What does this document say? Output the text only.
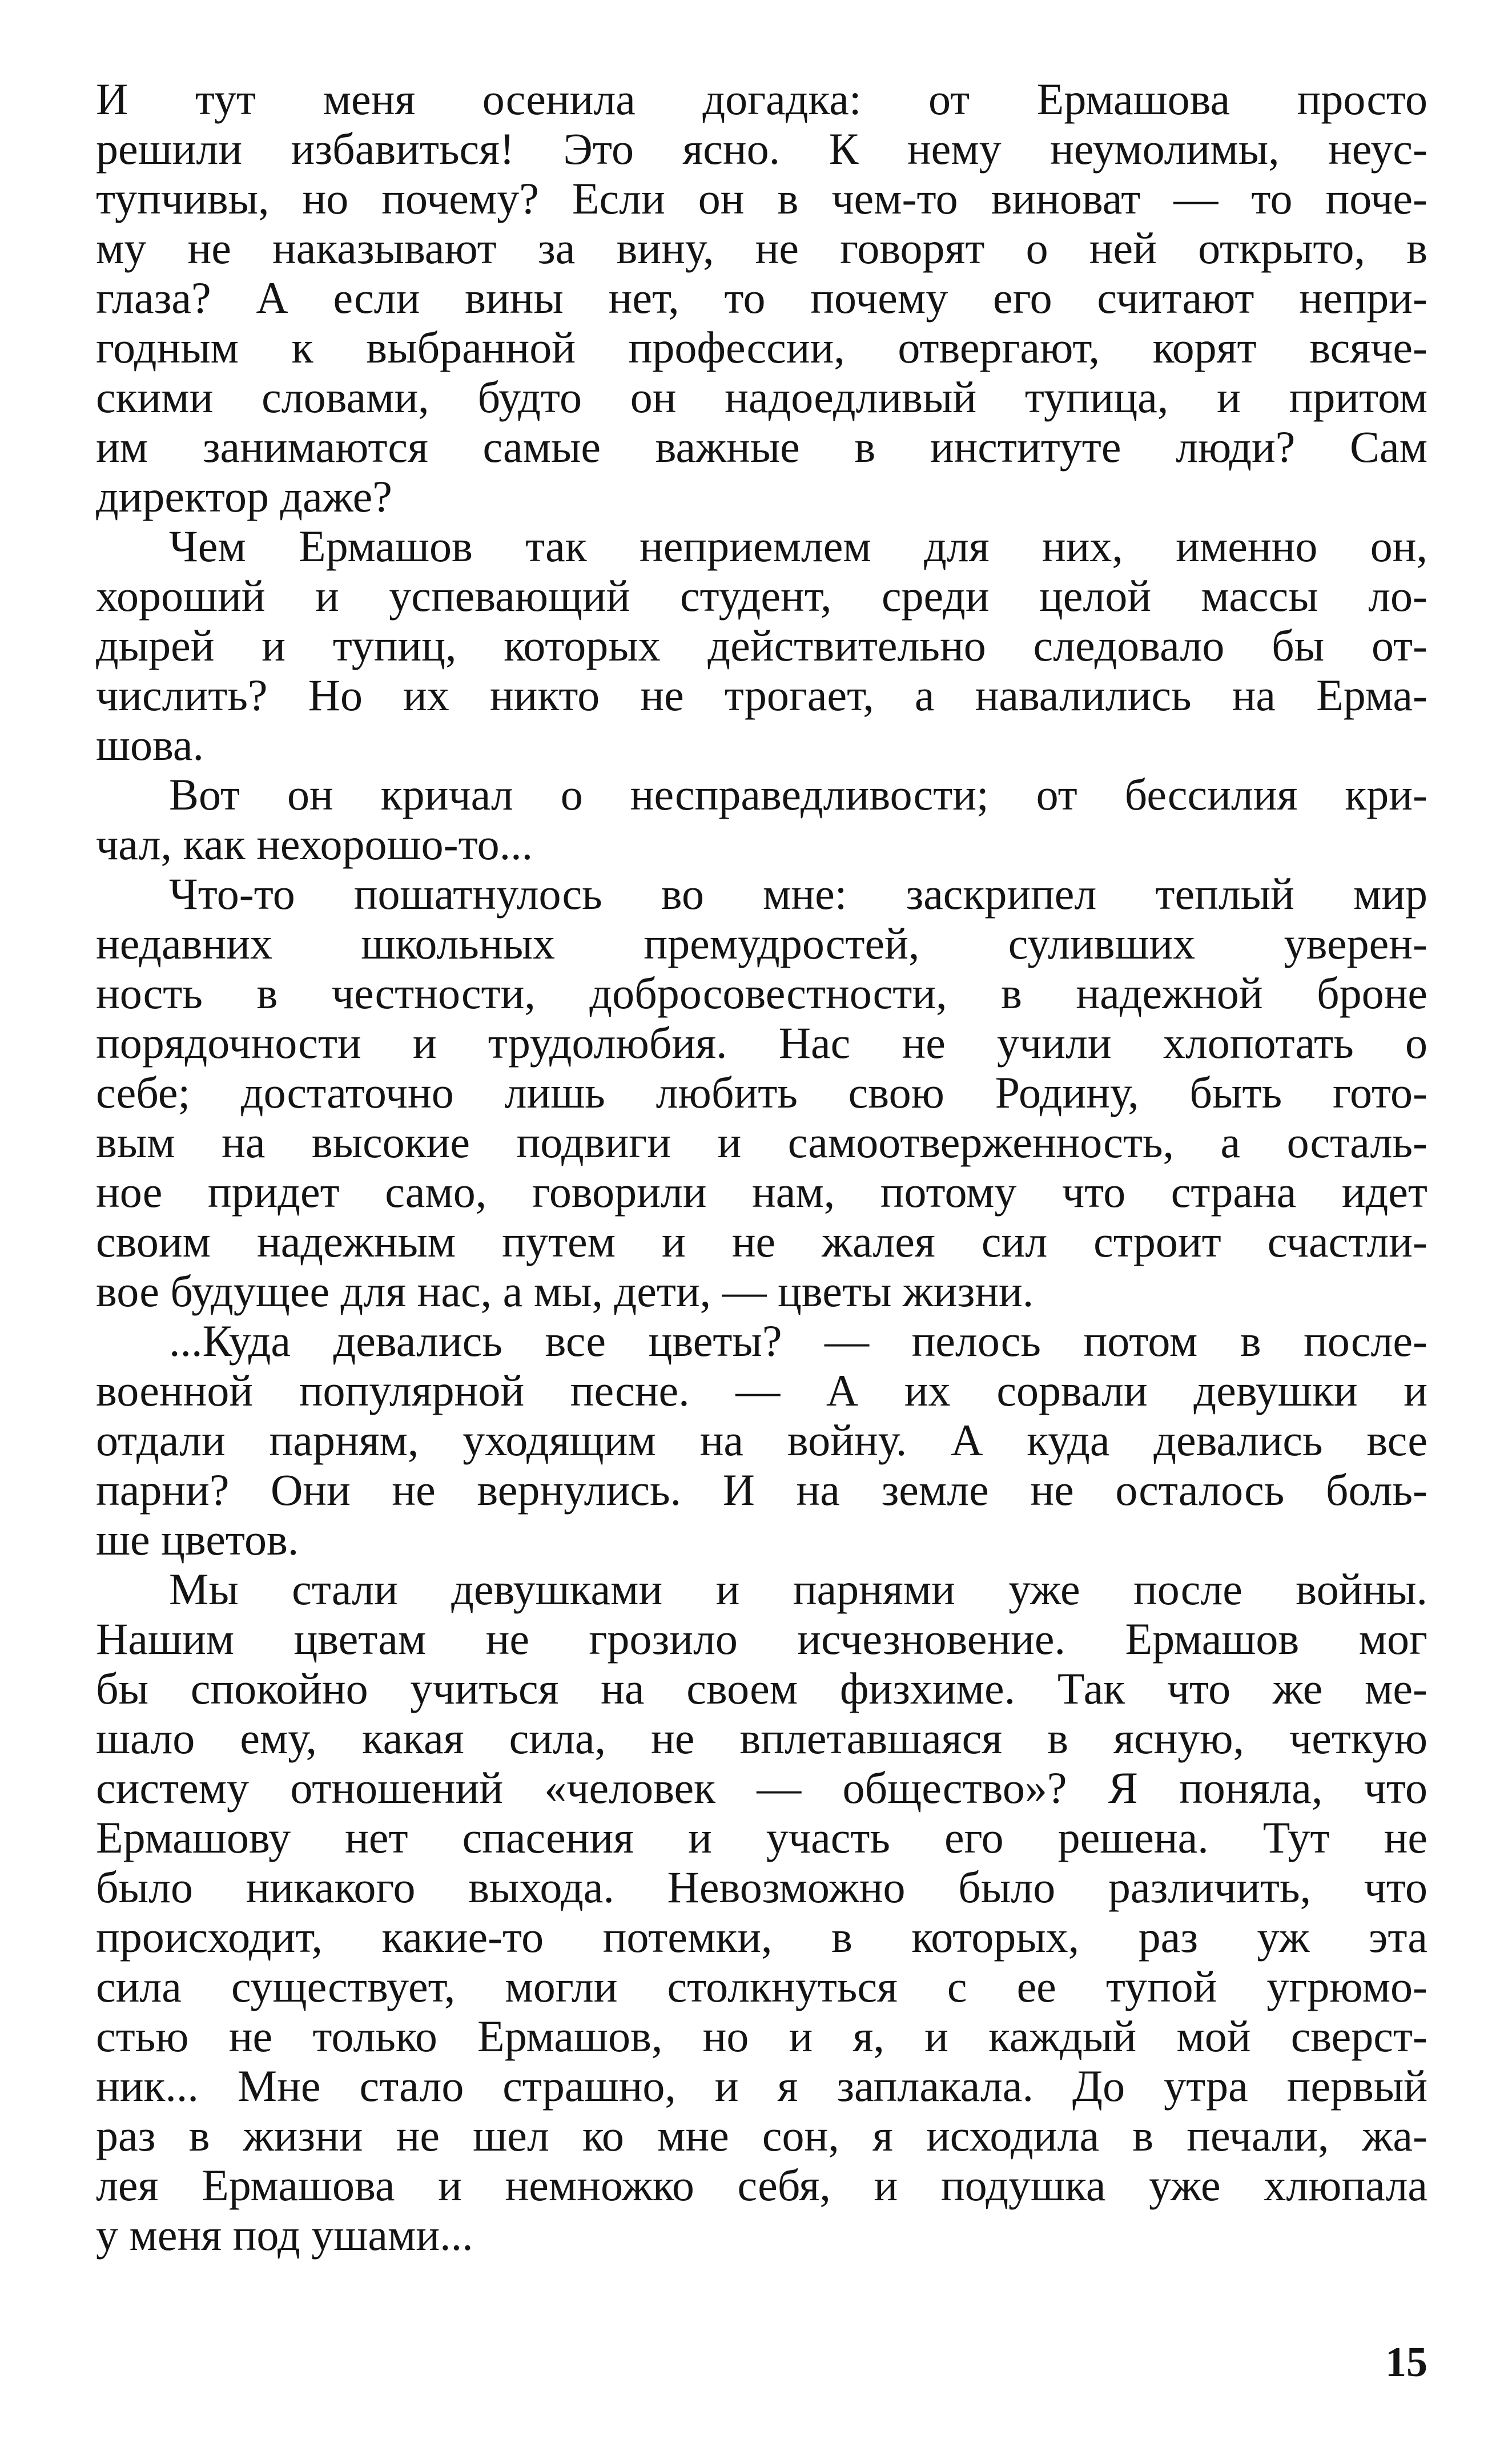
И тут меня осенила догадка: от Ермашова просто
решили избавиться! Это ясно. К нему неумолимы, неус-
тупчивы, но почему? Если он в чем-то виноват — то поче-
му не наказывают за вину, не говорят о ней открыто, в
глаза? А если вины нет, то почему его считают непри-
годным к выбранной профессии, отвергают, корят всяче-
скими словами, будто он надоедливый тупица, и притом
им занимаются самые важные в институте люди? Сам
директор даже?
Чем Ермашов так неприемлем для них, именно он,
хороший и успевающий студент, среди целой массы ло-
дырей и тупиц, которых действительно следовало бы от-
числить? Но их никто не трогает, а навалились на Ерма-
шова.
Вот он кричал о несправедливости; от бессилия кри-
чал, как нехорошо-то...
Что-то пошатнулось во мне: заскрипел теплый мир
недавних школьных премудростей, суливших уверен-
ность в честности, добросовестности, в надежной броне
порядочности и трудолюбия. Нас не учили хлопотать о
себе; достаточно лишь любить свою Родину, быть гото-
вым на высокие подвиги и самоотверженность, а осталь-
ное придет само, говорили нам, потому что страна идет
своим надежным путем и не жалея сил строит счастли-
вое будущее для нас, а мы, дети, — цветы жизни.
...Куда девались все цветы? — пелось потом в после-
военной популярной песне. — А их сорвали девушки и
отдали парням, уходящим на войну. А куда девались все
парни? Они не вернулись. И на земле не осталось боль-
ше цветов.
Мы стали девушками и парнями уже после войны.
Нашим цветам не грозило исчезновение. Ермашов мог
бы спокойно учиться на своем физхиме. Так что же ме-
шало ему, какая сила, не вплетавшаяся в ясную, четкую
систему отношений «человек — общество»? Я поняла, что
Ермашову нет спасения и участь его решена. Тут не
было никакого выхода. Невозможно было различить, что
происходит, какие-то потемки, в которых, раз уж эта
сила существует, могли столкнуться с ее тупой угрюмо-
стью не только Ермашов, но и я, и каждый мой сверст-
ник... Мне стало страшно, и я заплакала. До утра первый
раз в жизни не шел ко мне сон, я исходила в печали, жа-
лея Ермашова и немножко себя, и подушка уже хлюпала
у меня под ушами...
15
